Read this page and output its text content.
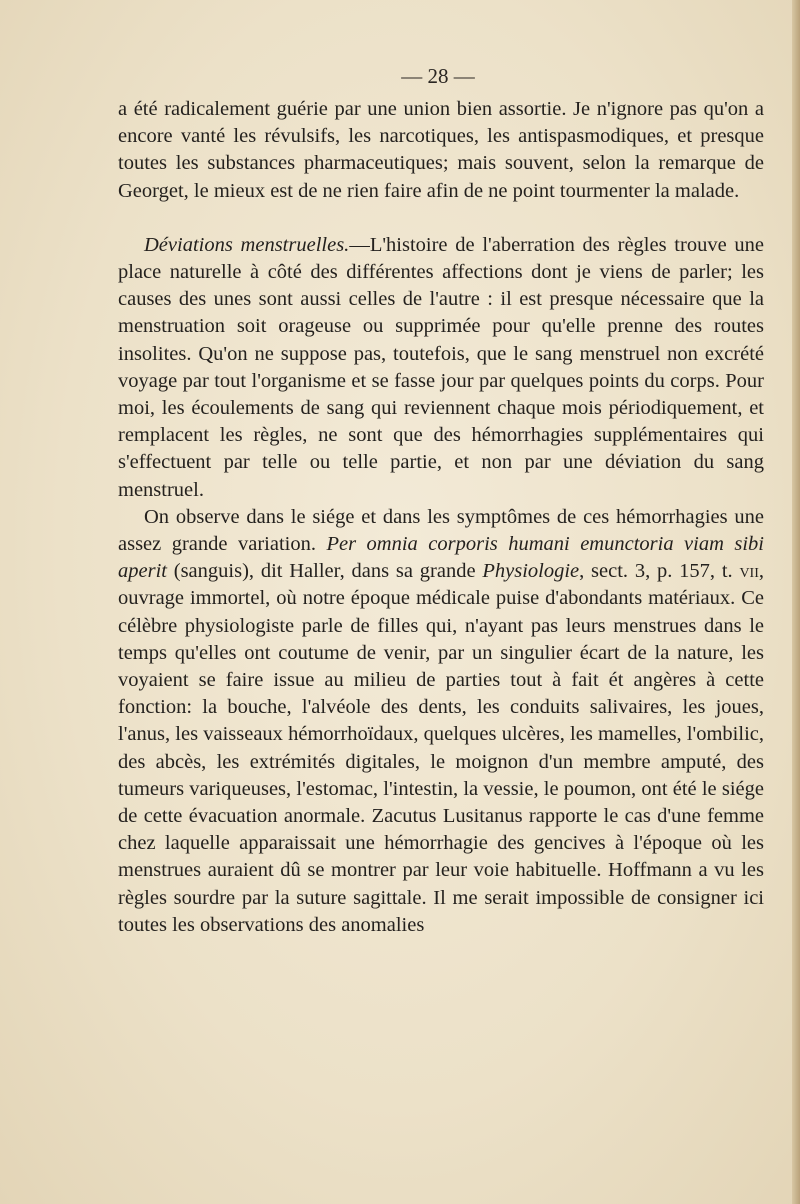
— 28 —

a été radicalement guérie par une union bien assortie. Je n'ignore pas qu'on a encore vanté les révulsifs, les narcotiques, les antispasmodiques, et presque toutes les substances pharmaceutiques; mais souvent, selon la remarque de Georget, le mieux est de ne rien faire afin de ne point tourmenter la malade.

Déviations menstruelles.—L'histoire de l'aberration des règles trouve une place naturelle à côté des différentes affections dont je viens de parler; les causes des unes sont aussi celles de l'autre : il est presque nécessaire que la menstruation soit orageuse ou supprimée pour qu'elle prenne des routes insolites. Qu'on ne suppose pas, toutefois, que le sang menstruel non excrété voyage par tout l'organisme et se fasse jour par quelques points du corps. Pour moi, les écoulements de sang qui reviennent chaque mois périodiquement, et remplacent les règles, ne sont que des hémorrhagies supplémentaires qui s'effectuent par telle ou telle partie, et non par une déviation du sang menstruel.

On observe dans le siége et dans les symptômes de ces hémorrhagies une assez grande variation. Per omnia corporis humani emunctoria viam sibi aperit (sanguis), dit Haller, dans sa grande Physiologie, sect. 3, p. 157, t. vii, ouvrage immortel, où notre époque médicale puise d'abondants matériaux. Ce célèbre physiologiste parle de filles qui, n'ayant pas leurs menstrues dans le temps qu'elles ont coutume de venir, par un singulier écart de la nature, les voyaient se faire issue au milieu de parties tout à fait ét angères à cette fonction: la bouche, l'alvéole des dents, les conduits salivaires, les joues, l'anus, les vaisseaux hémorrhoïdaux, quelques ulcères, les mamelles, l'ombilic, des abcès, les extrémités digitales, le moignon d'un membre amputé, des tumeurs variqueuses, l'estomac, l'intestin, la vessie, le poumon, ont été le siége de cette évacuation anormale. Zacutus Lusitanus rapporte le cas d'une femme chez laquelle apparaissait une hémorrhagie des gencives à l'époque où les menstrues auraient dû se montrer par leur voie habituelle. Hoffmann a vu les règles sourdre par la suture sagittale. Il me serait impossible de consigner ici toutes les observations des anomalies
